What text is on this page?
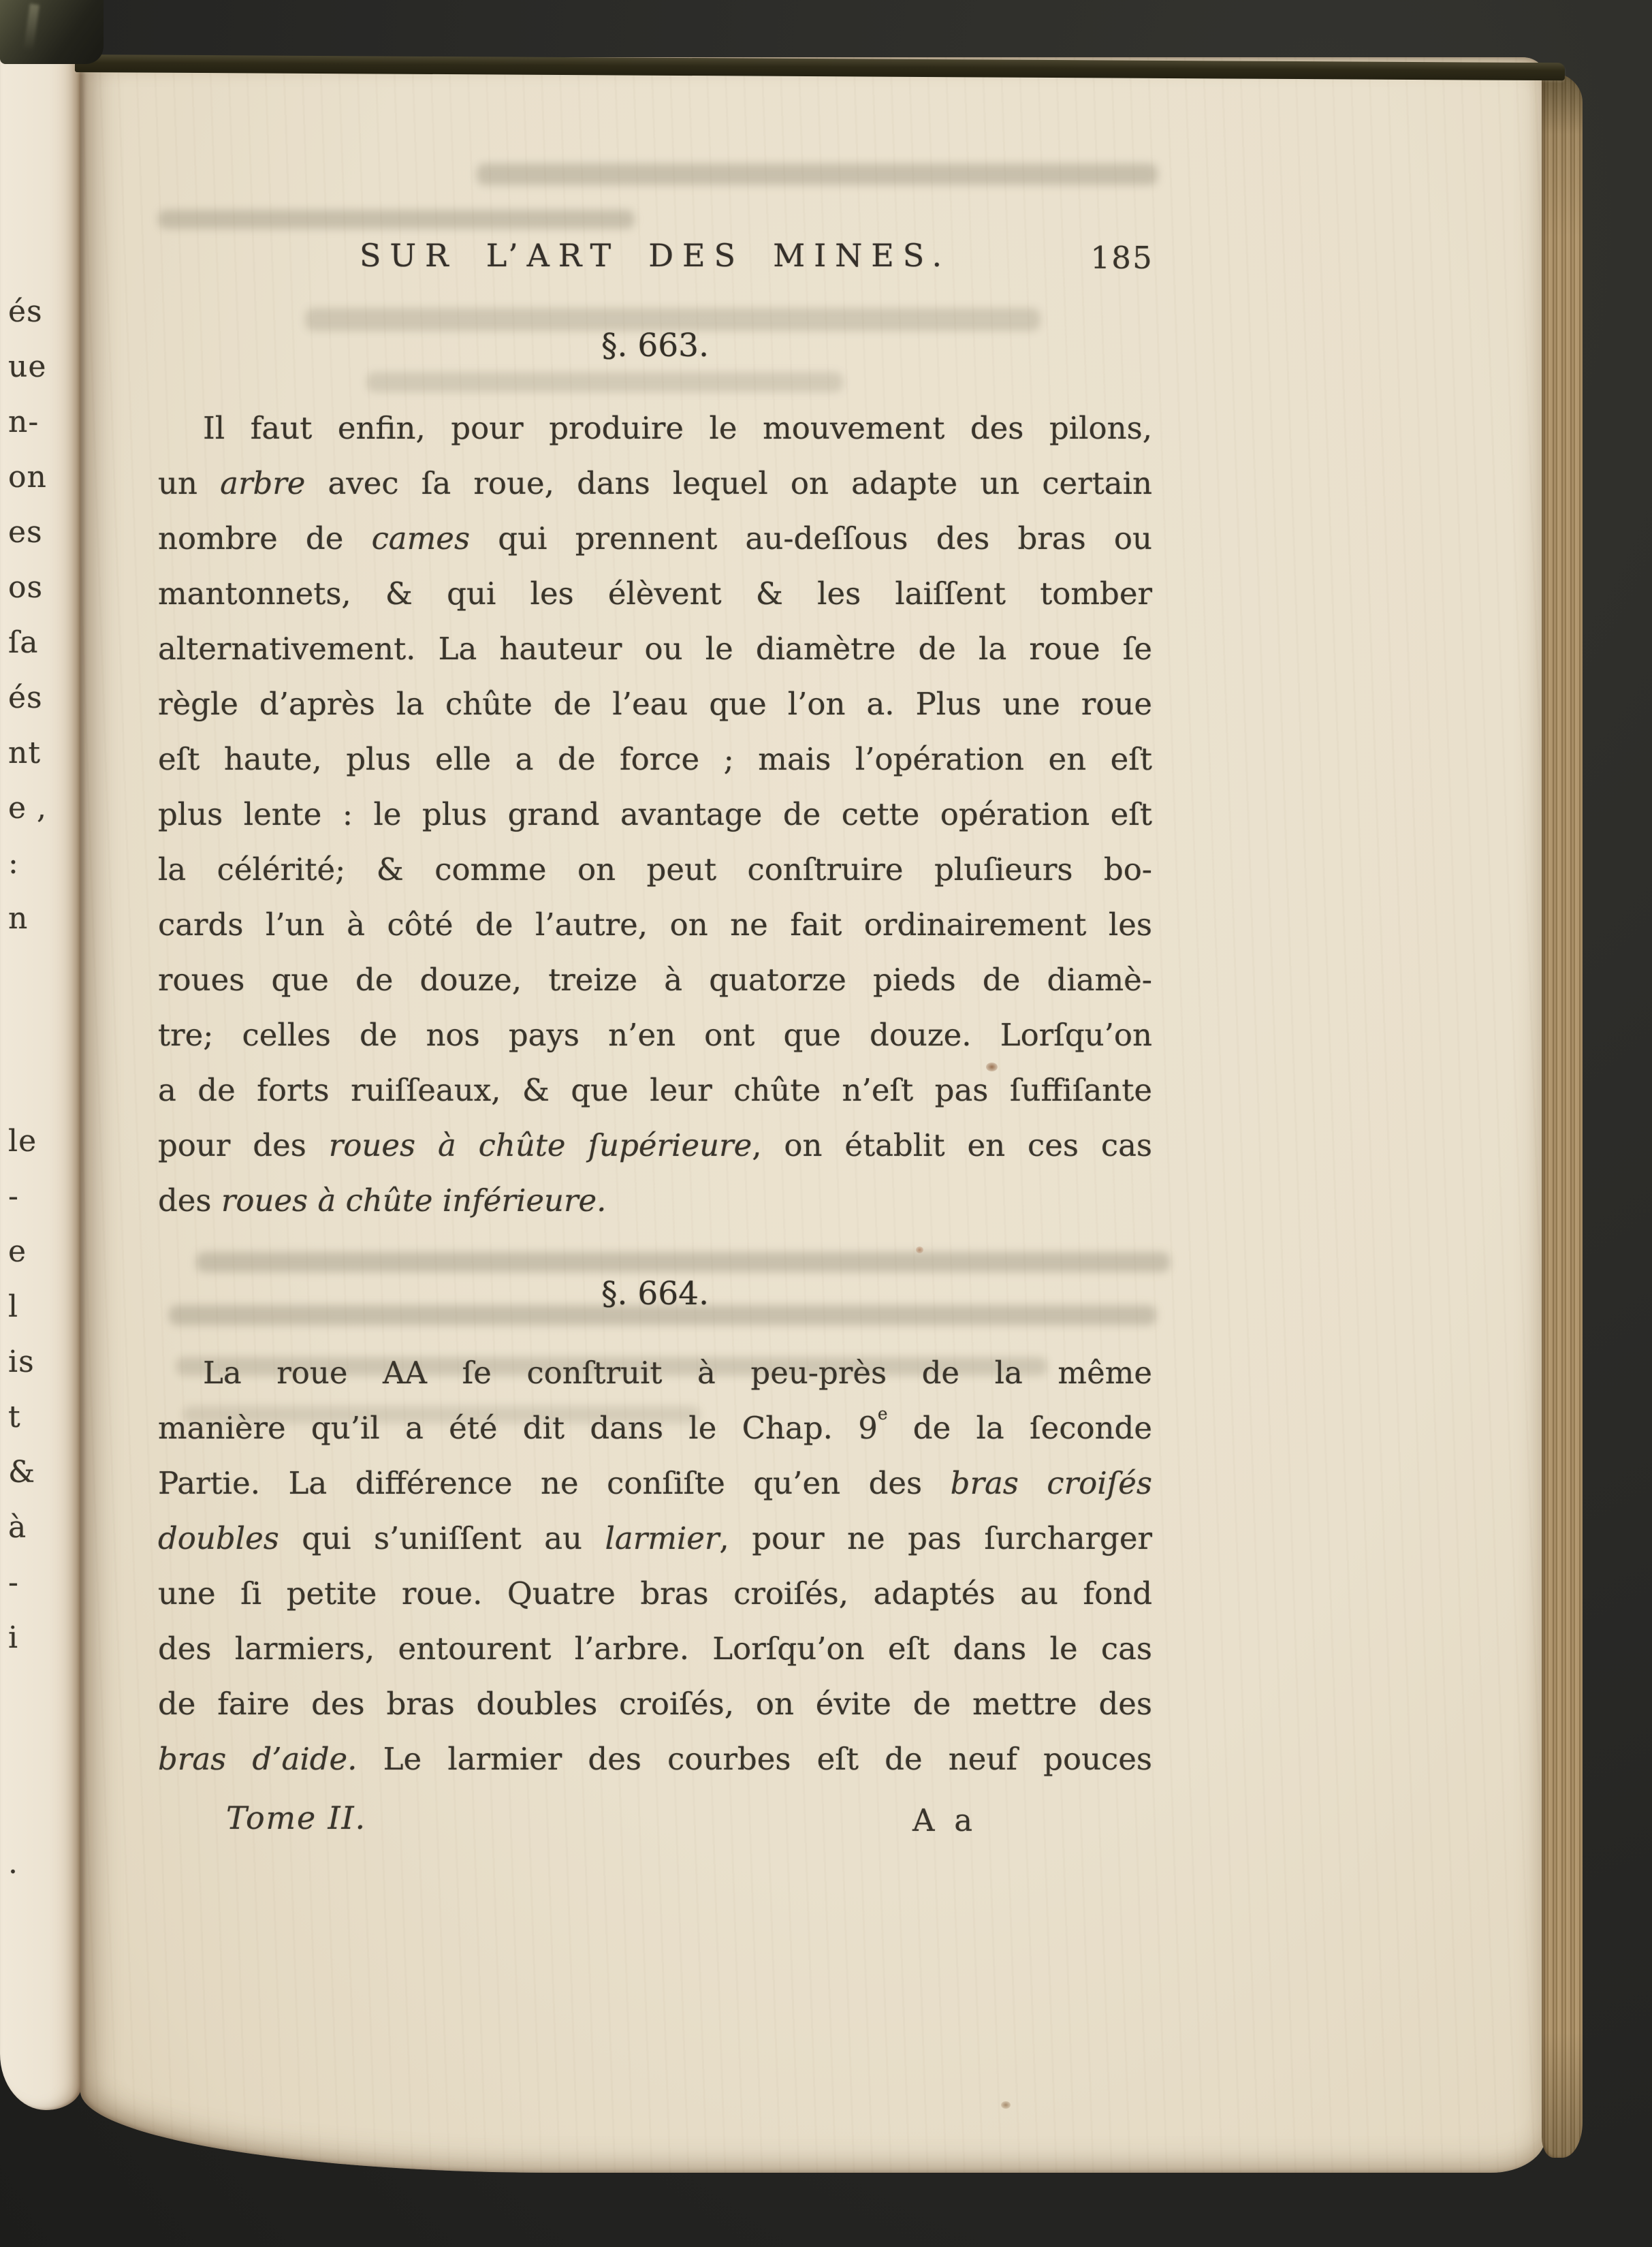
és
ue
n-
on
es
os
ſa
és
nt
e ,
:
n
le
-
e
l
is
t
&
à
-
i
.
SUR L’ART DES MINES.	185
§. 663.
Il faut enfin, pour produire le mouvement des pilons,
un arbre avec ſa roue, dans lequel on adapte un certain
nombre de cames qui prennent au-deſſous des bras ou
mantonnets, & qui les élèvent & les laiſſent tomber
alternativement. La hauteur ou le diamètre de la roue ſe
règle d’après la chûte de l’eau que l’on a. Plus une roue
eſt haute, plus elle a de force ; mais l’opération en eſt
plus lente : le plus grand avantage de cette opération eſt
la célérité; & comme on peut conſtruire pluſieurs bo-
cards l’un à côté de l’autre, on ne fait ordinairement les
roues que de douze, treize à quatorze pieds de diamè-
tre; celles de nos pays n’en ont que douze. Lorſqu’on
a de forts ruiſſeaux, & que leur chûte n’eſt pas ſuffiſante
pour des roues à chûte ſupérieure, on établit en ces cas
des roues à chûte inférieure.
§. 664.
La roue AA ſe conſtruit à peu-près de la même
manière qu’il a été dit dans le Chap. 9e de la ſeconde
Partie. La différence ne conſiſte qu’en des bras croiſés
doubles qui s’uniſſent au larmier, pour ne pas ſurcharger
une ſi petite roue. Quatre bras croiſés, adaptés au fond
des larmiers, entourent l’arbre. Lorſqu’on eſt dans le cas
de faire des bras doubles croiſés, on évite de mettre des
bras d’aide. Le larmier des courbes eſt de neuf pouces
Tome II.	A a
